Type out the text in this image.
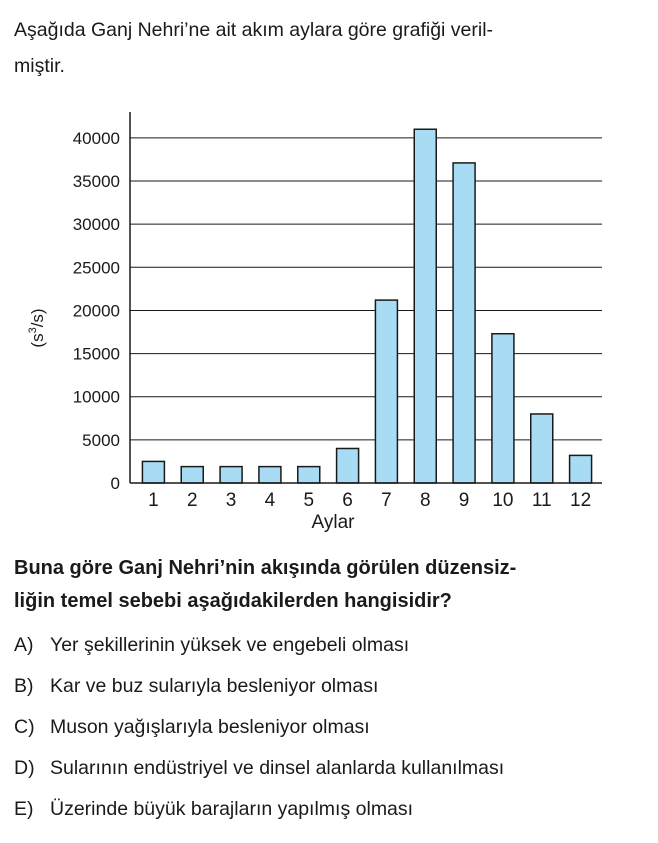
Aşağıda Ganj Nehri’ne ait akım aylara göre grafiği veril-
miştir.

0
5000
10000
15000
20000
25000
30000
35000
40000
1 2 3 4 5 6 7 8 9 10 11 12
$(s^3/s)$
Aylar

Buna göre Ganj Nehri’nin akışında görülen düzensiz-
liğin temel sebebi aşağıdakilerden hangisidir?

A) Yer şekillerinin yüksek ve engebeli olması
B) Kar ve buz sularıyla besleniyor olması
C) Muson yağışlarıyla besleniyor olması
D) Sularının endüstriyel ve dinsel alanlarda kullanılması
E) Üzerinde büyük barajların yapılmış olması
